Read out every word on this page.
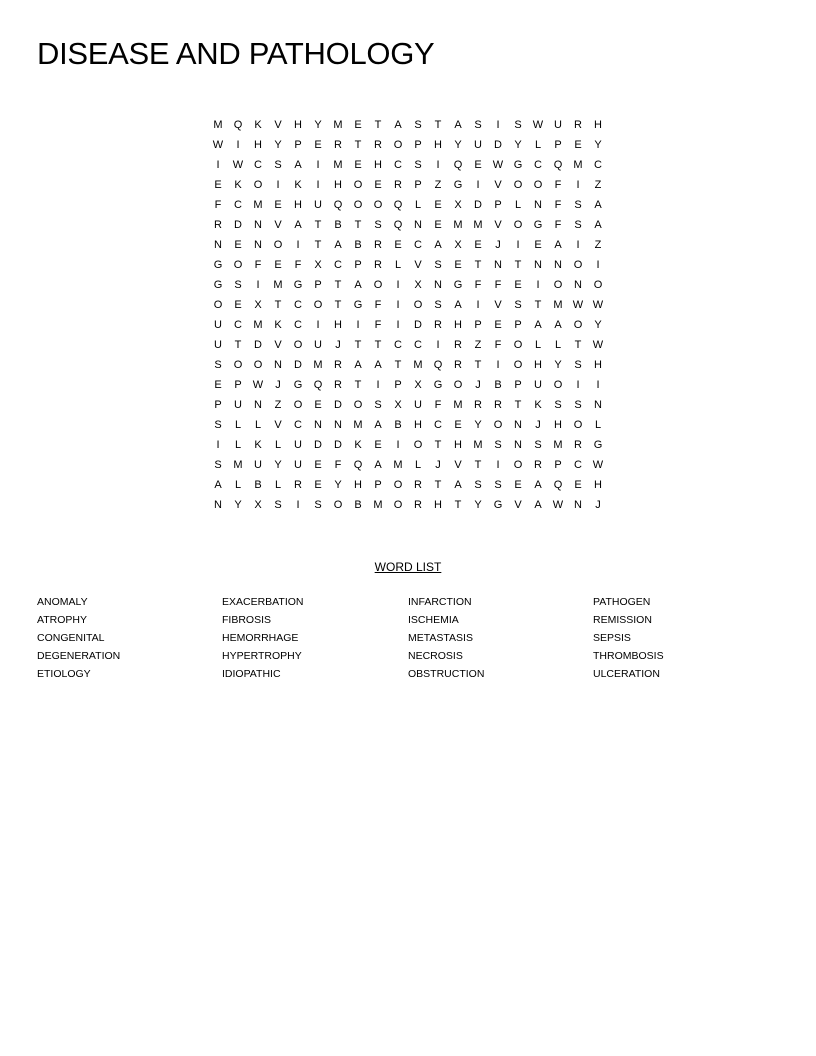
DISEASE AND PATHOLOGY
M	Q	K	V	H	Y	M	E	T	A	S	T	A	S	I	S	W U	R	H
W	I	H	Y	P	E	R	T	R	O	P	H	Y	U	D	Y	L	P	E	Y
I	W C	S	A	I	M	E	H	C	S	I	Q	E	W G	C	Q	M	C
E	K	O	I	K	I	H	O	E	R	P	Z	G	I	V	O	O	F	I	Z
F	C	M	E	H	U	Q	O	O	Q	L	E	X	D	P	L	N	F	S	A
R	D	N	V	A	T	B	T	S	Q	N	E	M M	V	O	G	F	S	A
N	E	N	O	I	T	A	B	R	E	C	A	X	E	J	I	E	A	I	Z
G	O	F	E	F	X	C	P	R	L	V	S	E	T	N	T	N	N	O	I
G	S	I	M	G	P	T	A	O	I	X	N	G	F	F	E	I	O	N	O
O	E	X	T	C	O	T	G	F	I	O	S	A	I	V	S	T	M W W
U	C	M	K	C	I	H	I	F	I	D	R	H	P	E	P	A	A	O	Y
U	T	D	V	O	U	J	T	T	C	C	I	R	Z	F	O	L	L	T	W
S	O	O	N	D	M	R	A	A	T	M	Q	R	T	I	O	H	Y	S	H
E	P	W	J	G	Q	R	T	I	P	X	G	O	J	B	P	U	O	I	I
P	U	N	Z	O	E	D	O	S	X	U	F	M	R	R	T	K	S	S	N
S	L	L	V	C	N	N	M	A	B	H	C	E	Y	O	N	J	H	O	L
I	L	K	L	U	D	D	K	E	I	O	T	H	M	S	N	S	M	R	G
S	M	U	Y	U	E	F	Q	A	M	L	J	V	T	I	O	R	P	C W
A	L	B	L	R	E	Y	H	P	O	R	T	A	S	S	E	A	Q	E	H
N	Y	X	S	I	S	O	B	M	O	R	H	T	Y	G	V	A	W N	J
WORD LIST
ANOMALY
ATROPHY
CONGENITAL
DEGENERATION
ETIOLOGY
EXACERBATION
FIBROSIS
HEMORRHAGE
HYPERTROPHY
IDIOPATHIC
INFARCTION
ISCHEMIA
METASTASIS
NECROSIS
OBSTRUCTION
PATHOGEN
REMISSION
SEPSIS
THROMBOSIS
ULCERATION
